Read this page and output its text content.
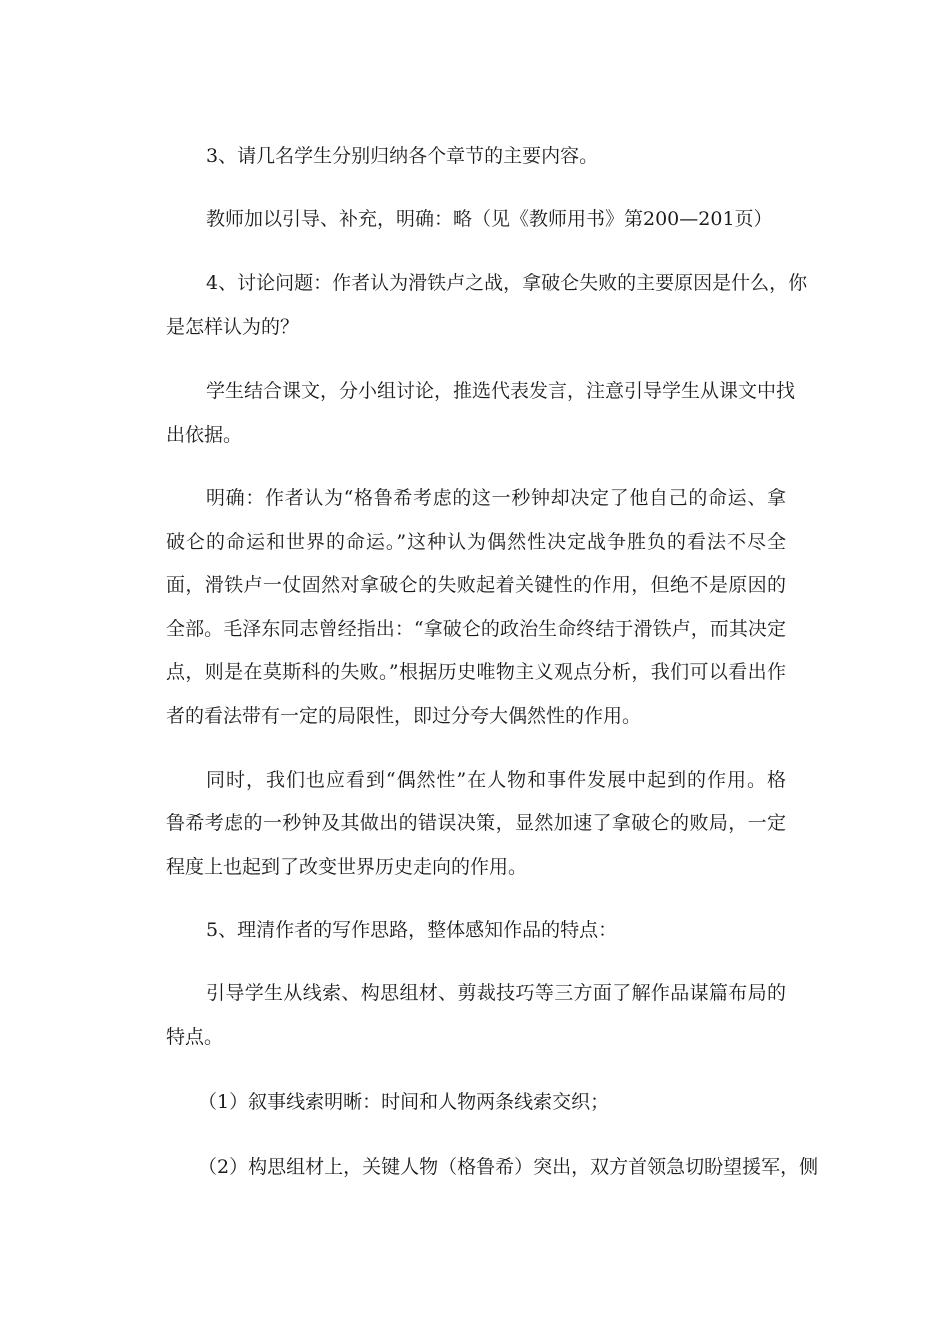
3、请几名学生分别归纳各个章节的主要内容。
教师加以引导、补充，明确：略（见《教师用书》第200—201页）
4、讨论问题：作者认为滑铁卢之战，拿破仑失败的主要原因是什么，你
是怎样认为的？
学生结合课文，分小组讨论，推选代表发言，注意引导学生从课文中找
出依据。
明确：作者认为“格鲁希考虑的这一秒钟却决定了他自己的命运、拿
破仑的命运和世界的命运。”这种认为偶然性决定战争胜负的看法不尽全
面，滑铁卢一仗固然对拿破仑的失败起着关键性的作用，但绝不是原因的
全部。毛泽东同志曾经指出：“拿破仑的政治生命终结于滑铁卢，而其决定
点，则是在莫斯科的失败。”根据历史唯物主义观点分析，我们可以看出作
者的看法带有一定的局限性，即过分夸大偶然性的作用。
同时，我们也应看到“偶然性”在人物和事件发展中起到的作用。格
鲁希考虑的一秒钟及其做出的错误决策，显然加速了拿破仑的败局，一定
程度上也起到了改变世界历史走向的作用。
5、理清作者的写作思路，整体感知作品的特点：
引导学生从线索、构思组材、剪裁技巧等三方面了解作品谋篇布局的
特点。
（1）叙事线索明晰：时间和人物两条线索交织；
（2）构思组材上，关键人物（格鲁希）突出，双方首领急切盼望援军，侧
